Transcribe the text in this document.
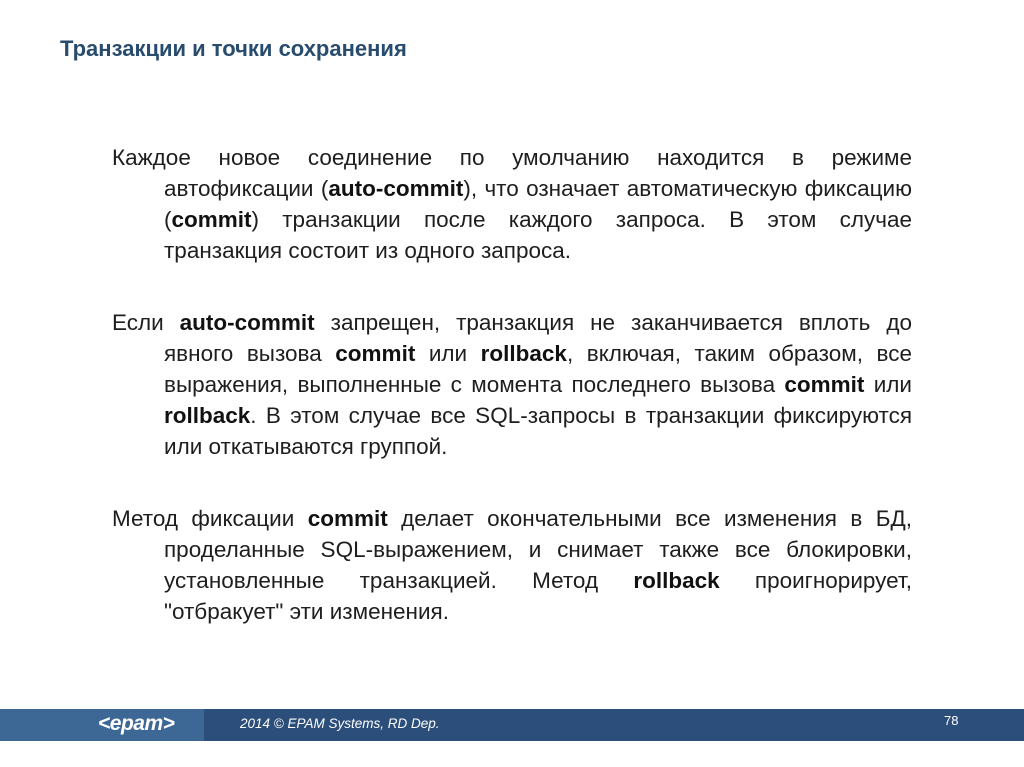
Транзакции и точки сохранения

Каждое новое соединение по умолчанию находится в режиме автофиксации (auto-commit), что означает автоматическую фиксацию (commit) транзакции после каждого запроса. В этом случае транзакция состоит из одного запроса.

Если auto-commit запрещен, транзакция не заканчивается вплоть до явного вызова commit или rollback, включая, таким образом, все выражения, выполненные с момента последнего вызова commit или rollback. В этом случае все SQL-запросы в транзакции фиксируются или откатываются группой.

Метод фиксации commit делает окончательными все изменения в БД, проделанные SQL-выражением, и снимает также все блокировки, установленные транзакцией. Метод rollback проигнорирует, "отбракует" эти изменения.

<epam>	2014 © EPAM Systems, RD Dep.	78
